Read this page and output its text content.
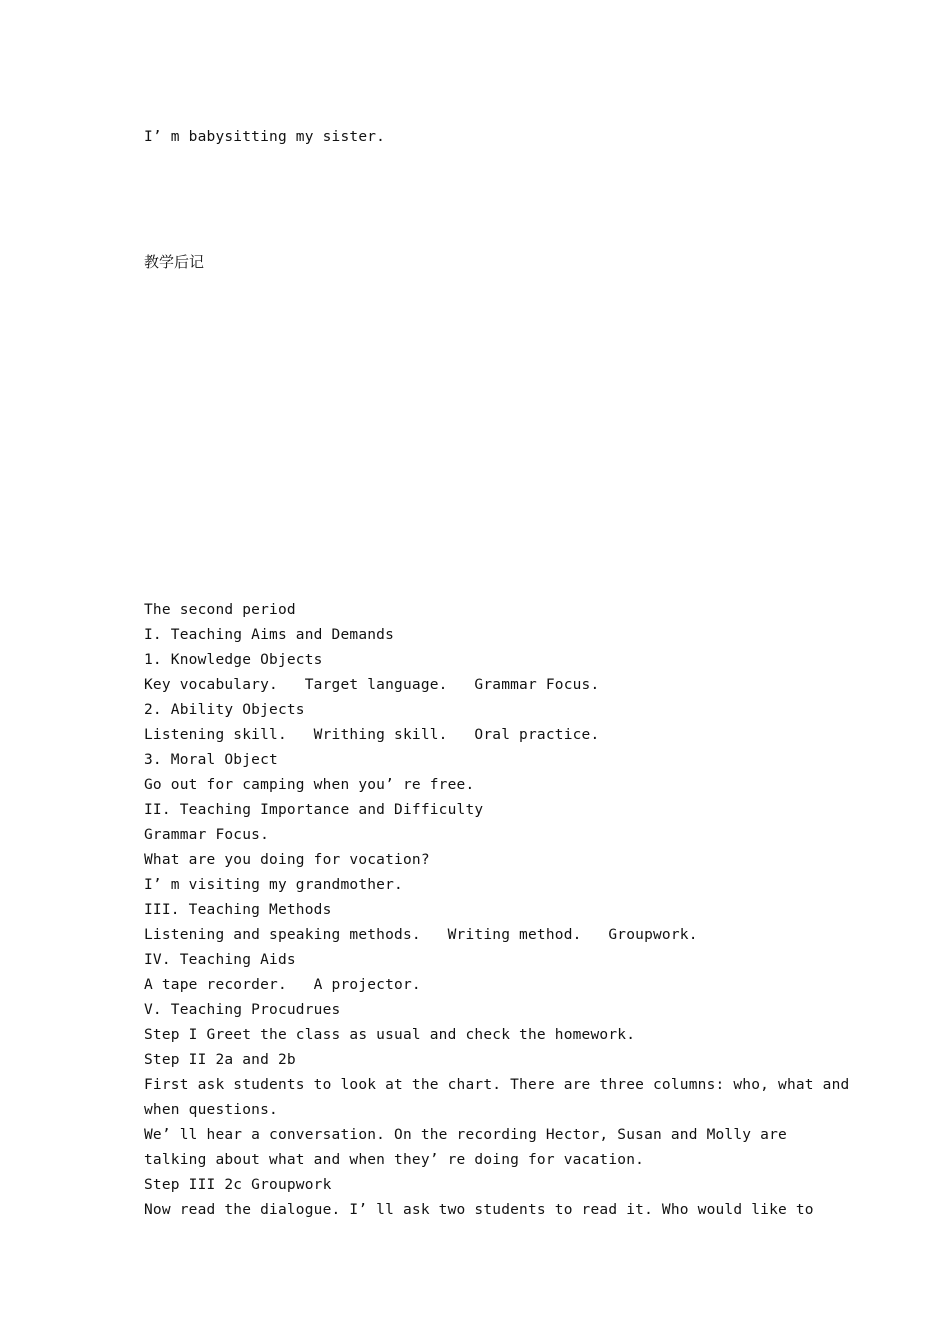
I’ m babysitting my sister.
教学后记
The second period
I. Teaching Aims and Demands
1. Knowledge Objects
Key vocabulary.   Target language.   Grammar Focus.
2. Ability Objects
Listening skill.   Writhing skill.   Oral practice.
3. Moral Object
Go out for camping when you’ re free.
II. Teaching Importance and Difficulty
Grammar Focus.
What are you doing for vocation?
I’ m visiting my grandmother.
III. Teaching Methods
Listening and speaking methods.   Writing method.   Groupwork.
IV. Teaching Aids
A tape recorder.   A projector.
V. Teaching Procudrues
Step I Greet the class as usual and check the homework.
Step II 2a and 2b
First ask students to look at the chart. There are three columns: who, what and
when questions.
We’ ll hear a conversation. On the recording Hector, Susan and Molly are
talking about what and when they’ re doing for vacation.
Step III 2c Groupwork
Now read the dialogue. I’ ll ask two students to read it. Who would like to
